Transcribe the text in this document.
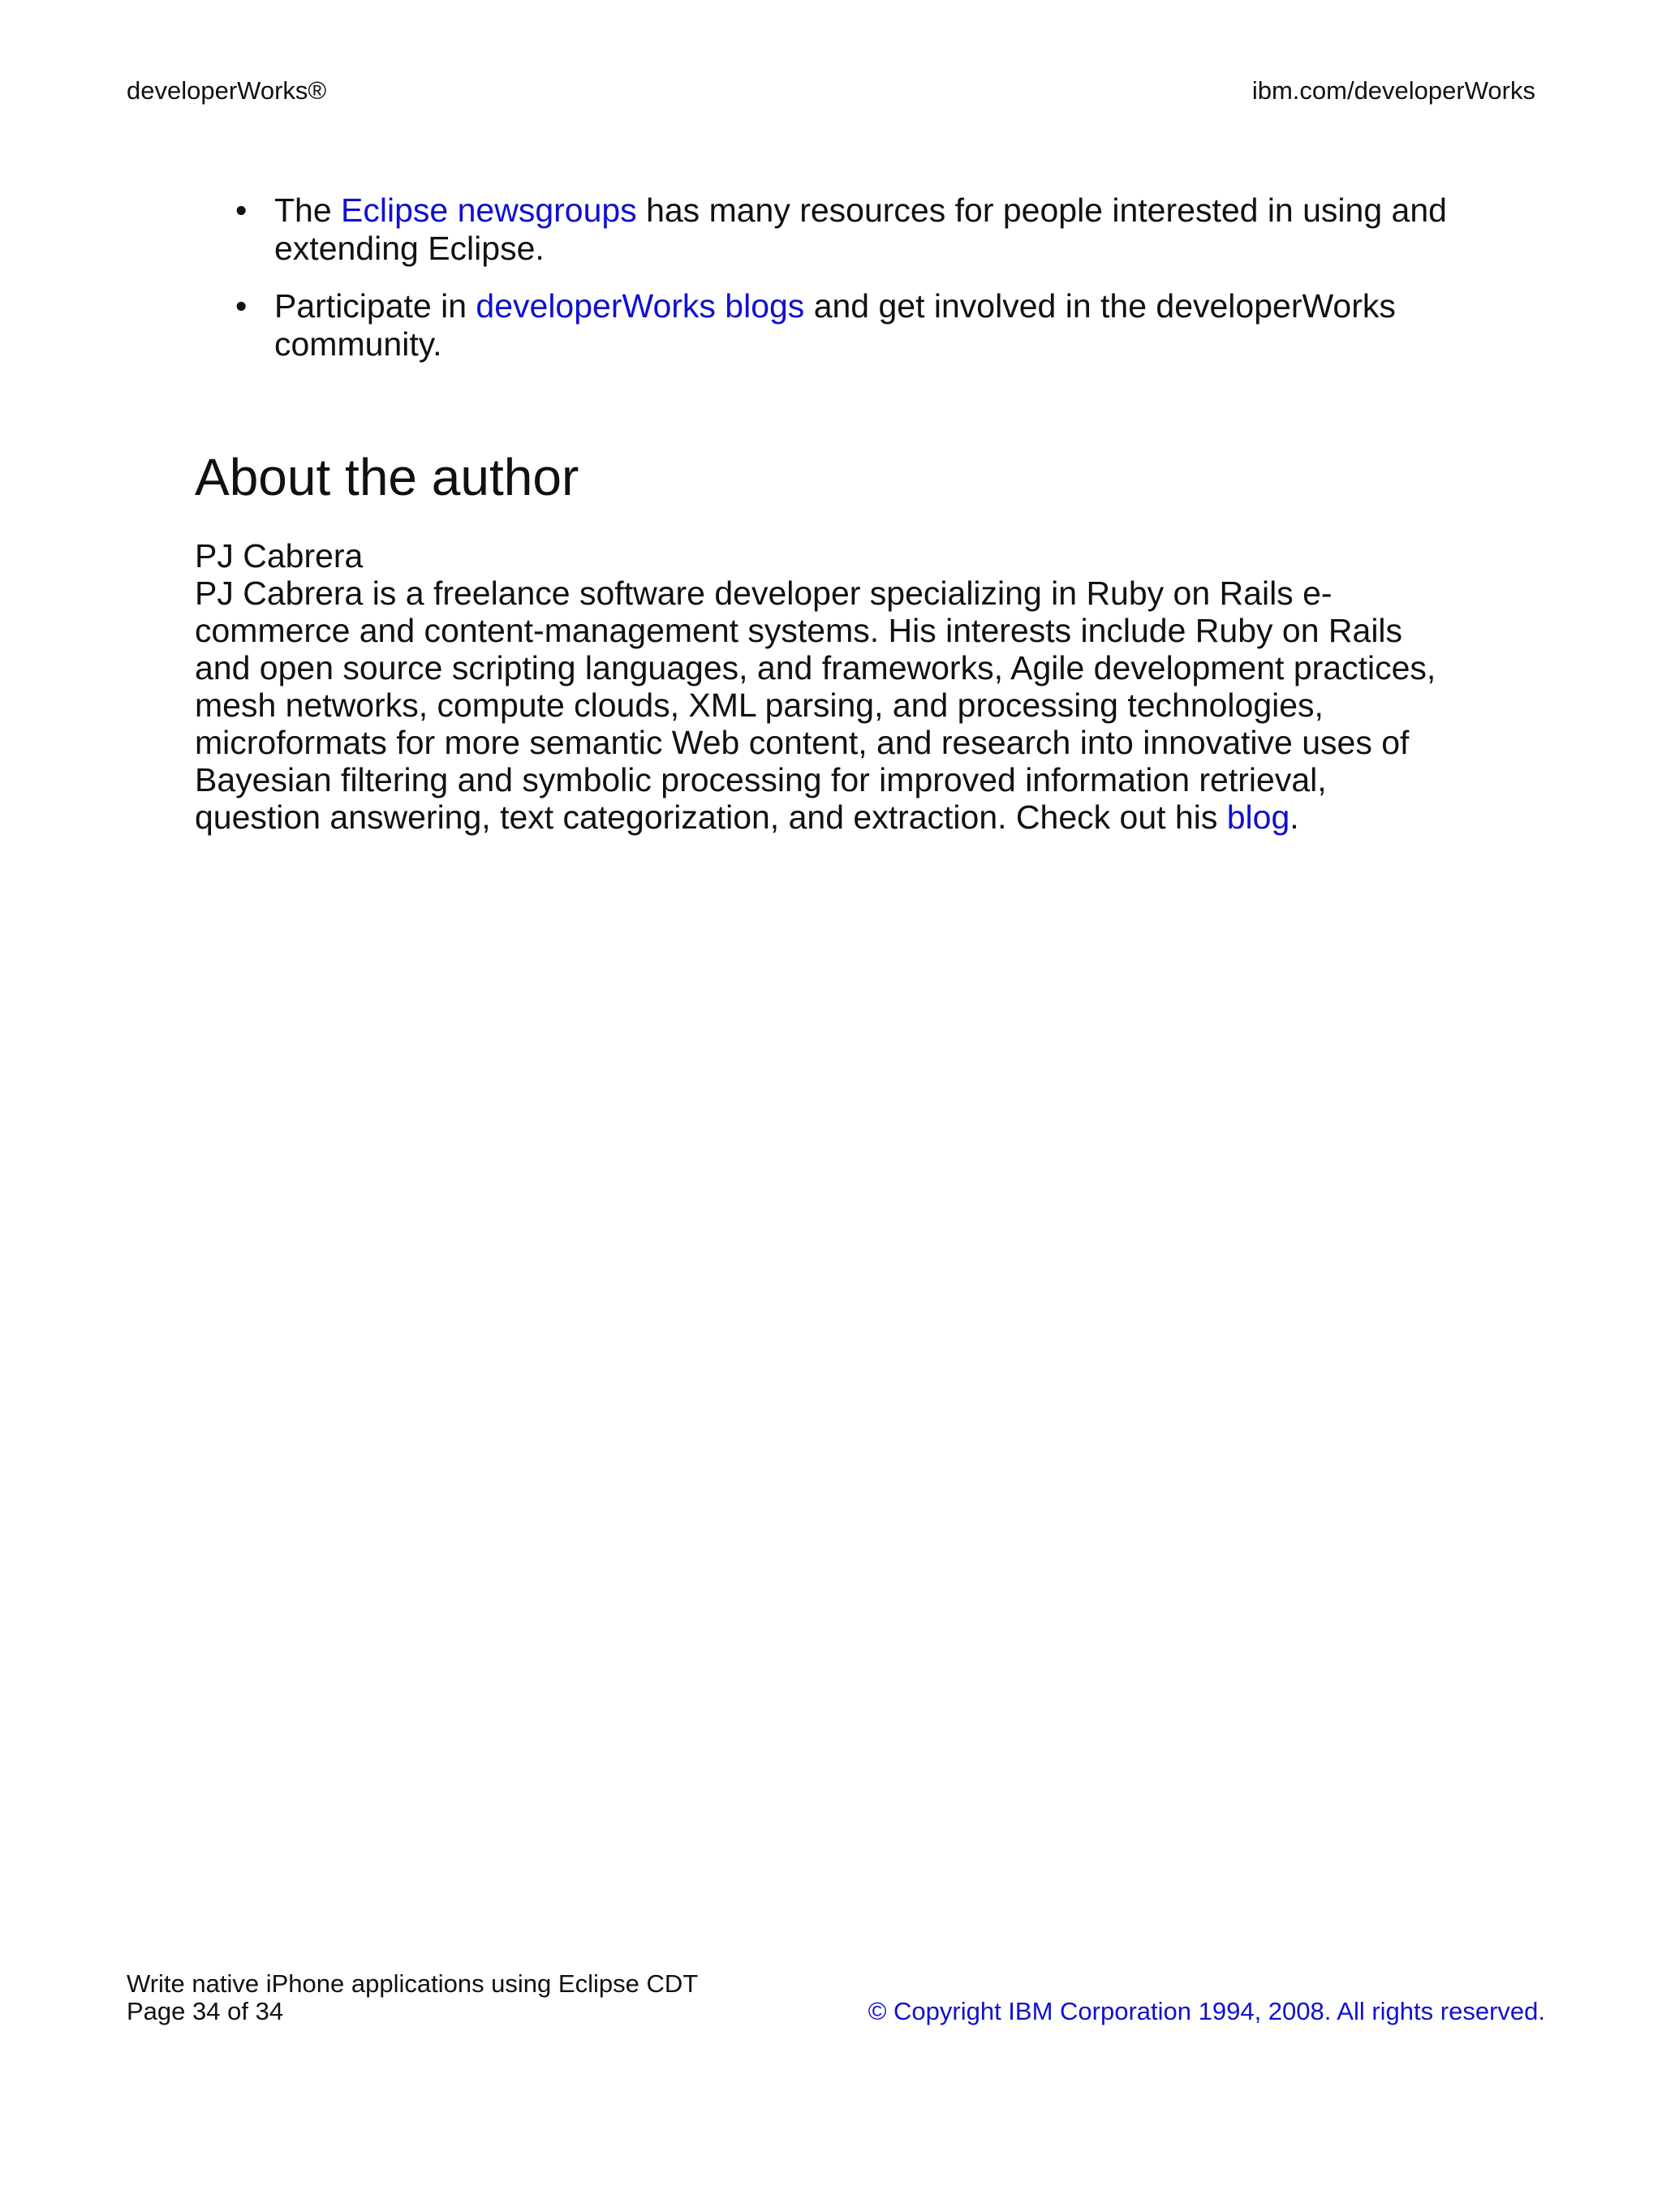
developerWorks®	ibm.com/developerWorks
• The Eclipse newsgroups has many resources for people interested in using and extending Eclipse.
• Participate in developerWorks blogs and get involved in the developerWorks community.
About the author

PJ Cabrera

PJ Cabrera is a freelance software developer specializing in Ruby on Rails e-commerce and content-management systems. His interests include Ruby on Rails and open source scripting languages, and frameworks, Agile development practices, mesh networks, compute clouds, XML parsing, and processing technologies, microformats for more semantic Web content, and research into innovative uses of Bayesian filtering and symbolic processing for improved information retrieval, question answering, text categorization, and extraction. Check out his blog.

Write native iPhone applications using Eclipse CDT
Page 34 of 34	© Copyright IBM Corporation 1994, 2008. All rights reserved.
